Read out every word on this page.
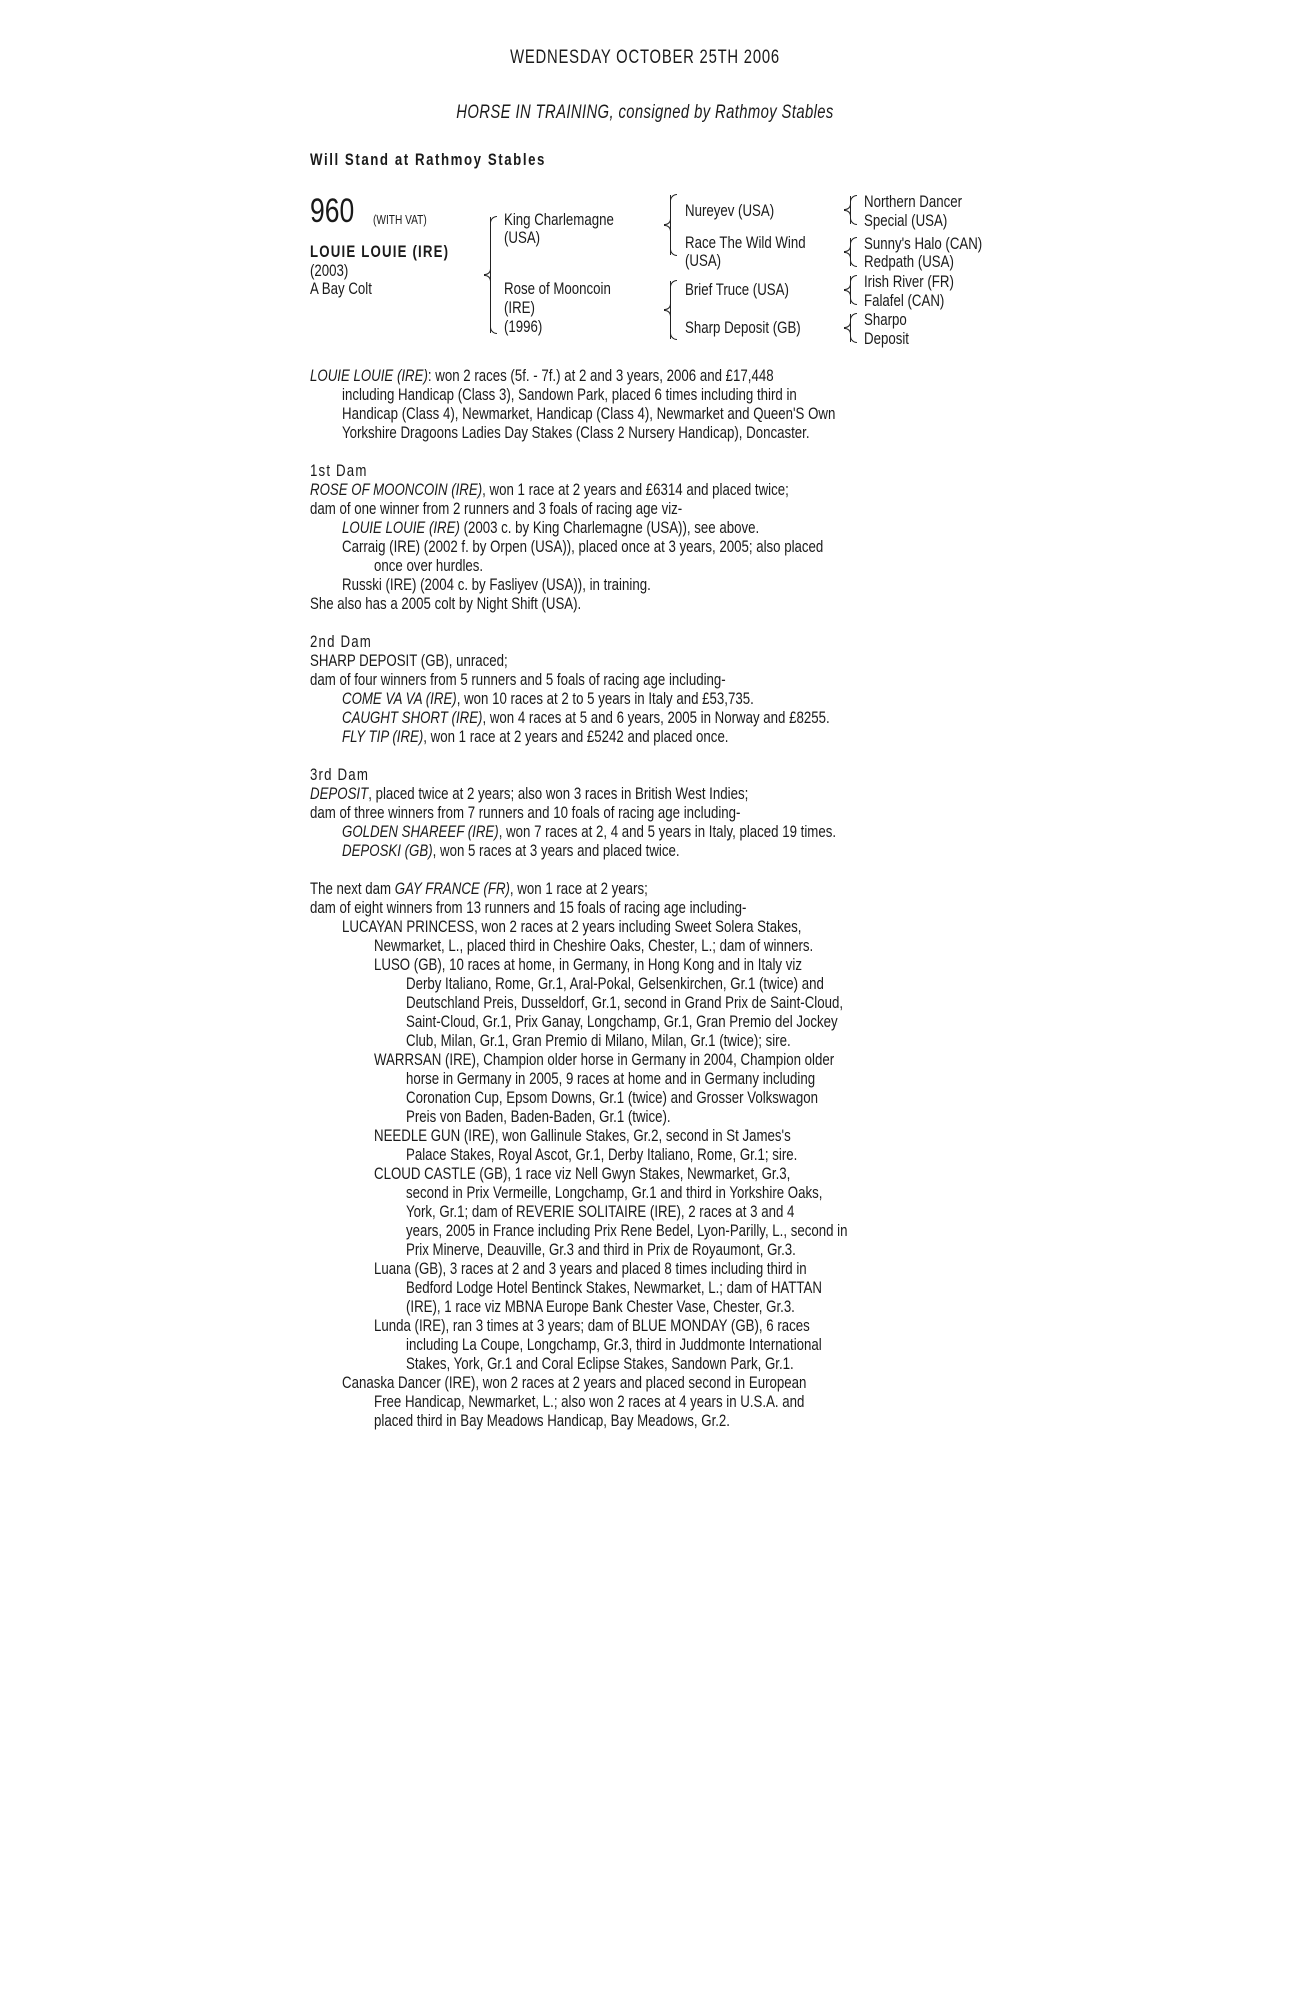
WEDNESDAY OCTOBER 25TH 2006
HORSE IN TRAINING, consigned by Rathmoy Stables
Will Stand at Rathmoy Stables
960 (WITH VAT)
LOUIE LOUIE (IRE)
(2003)
A Bay Colt
King Charlemagne
(USA)
Rose of Mooncoin
(IRE)
(1996)
Nureyev (USA)
Race The Wild Wind
(USA)
Brief Truce (USA)
Sharp Deposit (GB)
Northern Dancer
Special (USA)
Sunny's Halo (CAN)
Redpath (USA)
Irish River (FR)
Falafel (CAN)
Sharpo
Deposit
LOUIE LOUIE (IRE): won 2 races (5f. - 7f.) at 2 and 3 years, 2006 and £17,448
including Handicap (Class 3), Sandown Park, placed 6 times including third in
Handicap (Class 4), Newmarket, Handicap (Class 4), Newmarket and Queen'S Own
Yorkshire Dragoons Ladies Day Stakes (Class 2 Nursery Handicap), Doncaster.
1st Dam
ROSE OF MOONCOIN (IRE), won 1 race at 2 years and £6314 and placed twice;
dam of one winner from 2 runners and 3 foals of racing age viz-
LOUIE LOUIE (IRE) (2003 c. by King Charlemagne (USA)), see above.
Carraig (IRE) (2002 f. by Orpen (USA)), placed once at 3 years, 2005; also placed
once over hurdles.
Russki (IRE) (2004 c. by Fasliyev (USA)), in training.
She also has a 2005 colt by Night Shift (USA).
2nd Dam
SHARP DEPOSIT (GB), unraced;
dam of four winners from 5 runners and 5 foals of racing age including-
COME VA VA (IRE), won 10 races at 2 to 5 years in Italy and £53,735.
CAUGHT SHORT (IRE), won 4 races at 5 and 6 years, 2005 in Norway and £8255.
FLY TIP (IRE), won 1 race at 2 years and £5242 and placed once.
3rd Dam
DEPOSIT, placed twice at 2 years; also won 3 races in British West Indies;
dam of three winners from 7 runners and 10 foals of racing age including-
GOLDEN SHAREEF (IRE), won 7 races at 2, 4 and 5 years in Italy, placed 19 times.
DEPOSKI (GB), won 5 races at 3 years and placed twice.
The next dam GAY FRANCE (FR), won 1 race at 2 years;
dam of eight winners from 13 runners and 15 foals of racing age including-
LUCAYAN PRINCESS, won 2 races at 2 years including Sweet Solera Stakes,
Newmarket, L., placed third in Cheshire Oaks, Chester, L.; dam of winners.
LUSO (GB), 10 races at home, in Germany, in Hong Kong and in Italy viz
Derby Italiano, Rome, Gr.1, Aral-Pokal, Gelsenkirchen, Gr.1 (twice) and
Deutschland Preis, Dusseldorf, Gr.1, second in Grand Prix de Saint-Cloud,
Saint-Cloud, Gr.1, Prix Ganay, Longchamp, Gr.1, Gran Premio del Jockey
Club, Milan, Gr.1, Gran Premio di Milano, Milan, Gr.1 (twice); sire.
WARRSAN (IRE), Champion older horse in Germany in 2004, Champion older
horse in Germany in 2005, 9 races at home and in Germany including
Coronation Cup, Epsom Downs, Gr.1 (twice) and Grosser Volkswagon
Preis von Baden, Baden-Baden, Gr.1 (twice).
NEEDLE GUN (IRE), won Gallinule Stakes, Gr.2, second in St James's
Palace Stakes, Royal Ascot, Gr.1, Derby Italiano, Rome, Gr.1; sire.
CLOUD CASTLE (GB), 1 race viz Nell Gwyn Stakes, Newmarket, Gr.3,
second in Prix Vermeille, Longchamp, Gr.1 and third in Yorkshire Oaks,
York, Gr.1; dam of REVERIE SOLITAIRE (IRE), 2 races at 3 and 4
years, 2005 in France including Prix Rene Bedel, Lyon-Parilly, L., second in
Prix Minerve, Deauville, Gr.3 and third in Prix de Royaumont, Gr.3.
Luana (GB), 3 races at 2 and 3 years and placed 8 times including third in
Bedford Lodge Hotel Bentinck Stakes, Newmarket, L.; dam of HATTAN
(IRE), 1 race viz MBNA Europe Bank Chester Vase, Chester, Gr.3.
Lunda (IRE), ran 3 times at 3 years; dam of BLUE MONDAY (GB), 6 races
including La Coupe, Longchamp, Gr.3, third in Juddmonte International
Stakes, York, Gr.1 and Coral Eclipse Stakes, Sandown Park, Gr.1.
Canaska Dancer (IRE), won 2 races at 2 years and placed second in European
Free Handicap, Newmarket, L.; also won 2 races at 4 years in U.S.A. and
placed third in Bay Meadows Handicap, Bay Meadows, Gr.2.
